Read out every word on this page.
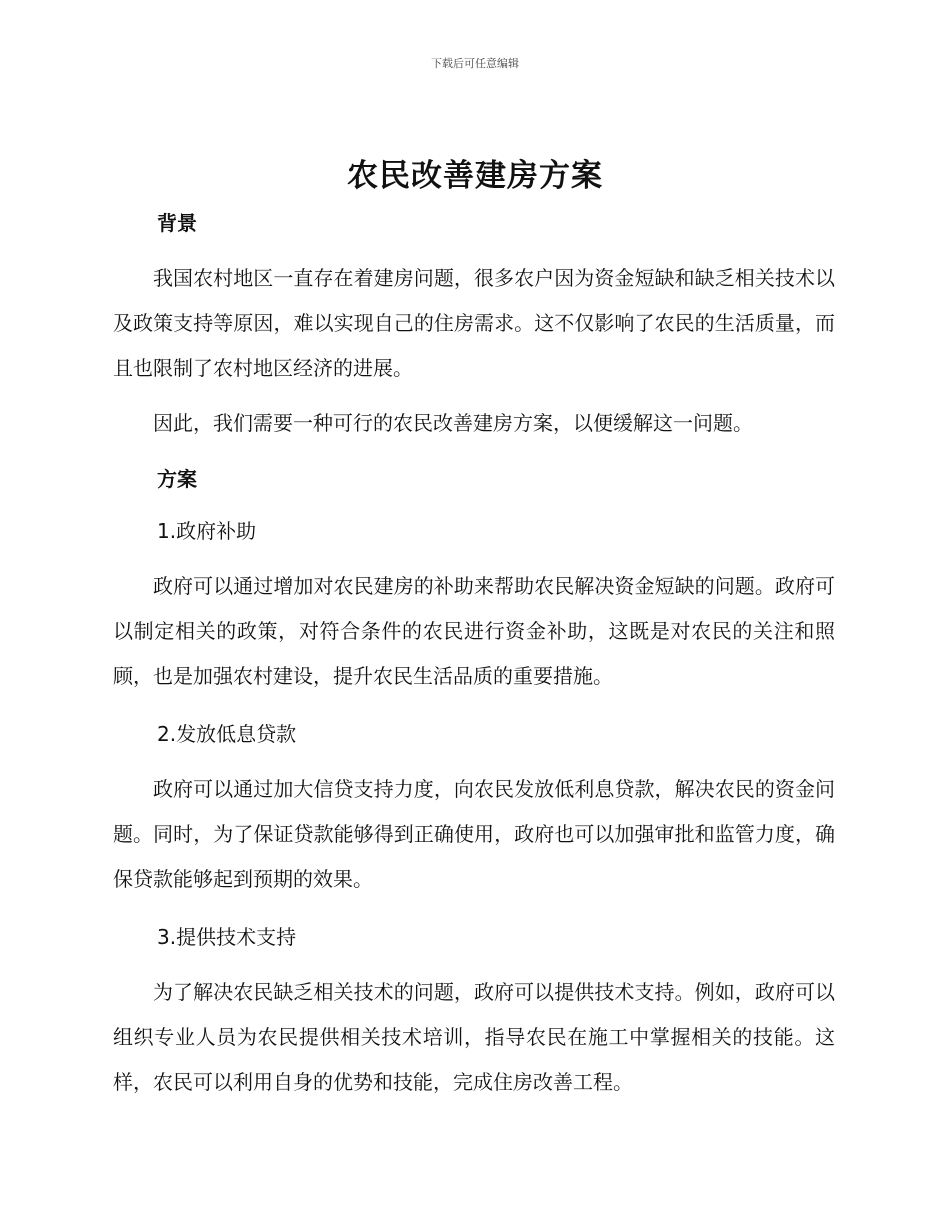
下载后可任意编辑
农民改善建房方案
背景

我国农村地区一直存在着建房问题，很多农户因为资金短缺和缺乏相关技术以及政策支持等原因，难以实现自己的住房需求。这不仅影响了农民的生活质量，而且也限制了农村地区经济的进展。

因此，我们需要一种可行的农民改善建房方案，以便缓解这一问题。

方案
1.政府补助

政府可以通过增加对农民建房的补助来帮助农民解决资金短缺的问题。政府可以制定相关的政策，对符合条件的农民进行资金补助，这既是对农民的关注和照顾，也是加强农村建设，提升农民生活品质的重要措施。

2.发放低息贷款

政府可以通过加大信贷支持力度，向农民发放低利息贷款，解决农民的资金问题。同时，为了保证贷款能够得到正确使用，政府也可以加强审批和监管力度，确保贷款能够起到预期的效果。

3.提供技术支持

为了解决农民缺乏相关技术的问题，政府可以提供技术支持。例如，政府可以组织专业人员为农民提供相关技术培训，指导农民在施工中掌握相关的技能。这样，农民可以利用自身的优势和技能，完成住房改善工程。
